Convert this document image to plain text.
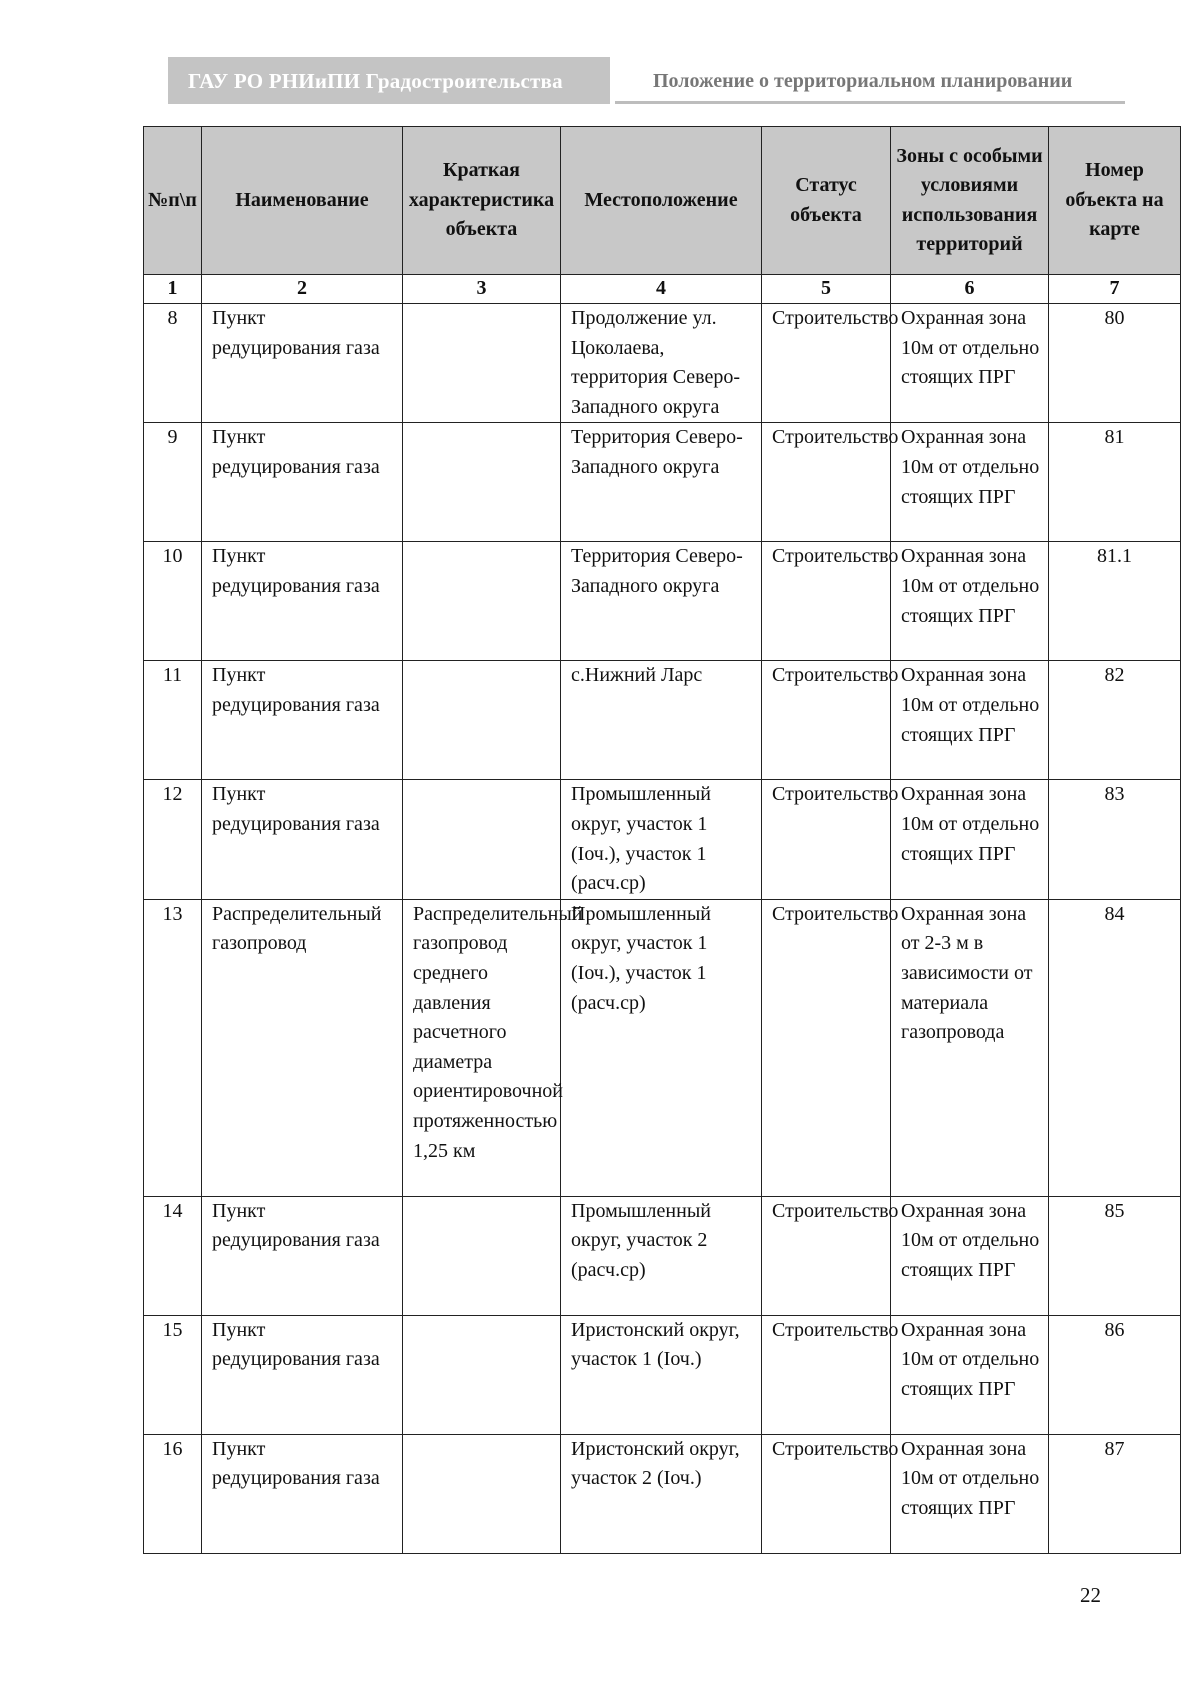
ГАУ РО РНИиПИ Градостроительства	Положение о территориальном планировании
№п\п	Наименование	Краткая характеристика объекта	Местоположение	Статус объекта	Зоны с особыми условиями использования территорий	Номер объекта на карте
1	2	3	4	5	6	7
8	Пункт редуцирования газа		Продолжение ул. Цоколаева, территория Северо-Западного округа	Строительство	Охранная зона 10м от отдельно стоящих ПРГ	80
9	Пункт редуцирования газа		Территория Северо-Западного округа	Строительство	Охранная зона 10м от отдельно стоящих ПРГ	81
10	Пункт редуцирования газа		Территория Северо-Западного округа	Строительство	Охранная зона 10м от отдельно стоящих ПРГ	81.1
11	Пункт редуцирования газа		с.Нижний Ларс	Строительство	Охранная зона 10м от отдельно стоящих ПРГ	82
12	Пункт редуцирования газа		Промышленный округ, участок 1 (Iоч.), участок 1 (расч.ср)	Строительство	Охранная зона 10м от отдельно стоящих ПРГ	83
13	Распределительный газопровод	Распределительный газопровод среднего давления расчетного диаметра ориентировочной протяженностью 1,25 км	Промышленный округ, участок 1 (Iоч.), участок 1 (расч.ср)	Строительство	Охранная зона от 2-3 м в зависимости от материала газопровода	84
14	Пункт редуцирования газа		Промышленный округ, участок 2 (расч.ср)	Строительство	Охранная зона 10м от отдельно стоящих ПРГ	85
15	Пункт редуцирования газа		Иристонский округ, участок 1 (Iоч.)	Строительство	Охранная зона 10м от отдельно стоящих ПРГ	86
16	Пункт редуцирования газа		Иристонский округ, участок 2 (Iоч.)	Строительство	Охранная зона 10м от отдельно стоящих ПРГ	87
22
